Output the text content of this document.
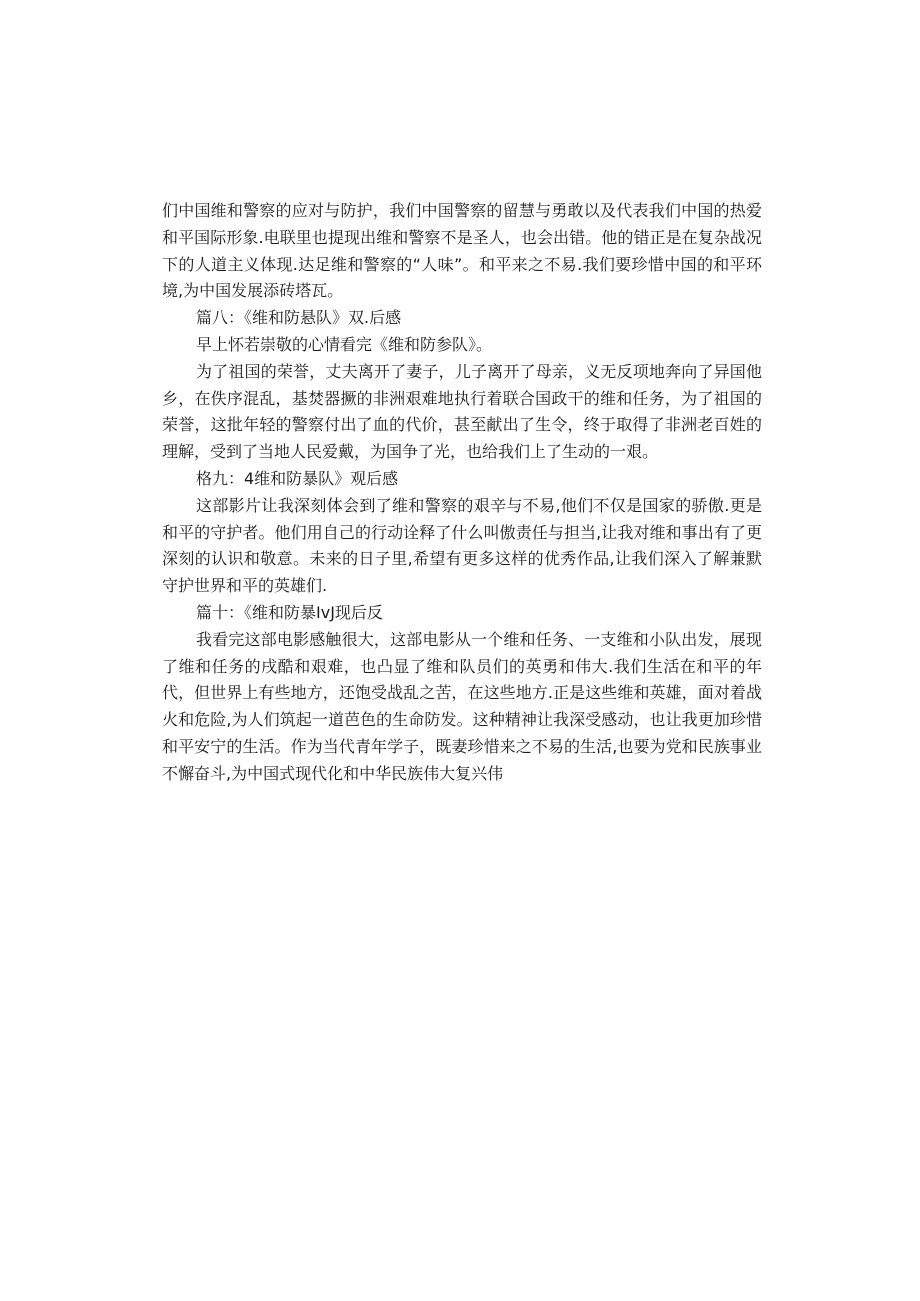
们中国维和警察的应对与防护，我们中国警察的留慧与勇敢以及代表我们中国的热爱和平国际形象.电联里也提现出维和警察不是圣人，也会出错。他的错正是在复杂战况下的人道主义体现.达足维和警察的“人味”。和平来之不易.我们要珍惜中国的和平环境,为中国发展添砖塔瓦。

篇八：《维和防悬队》双.后感

早上怀若崇敬的心情看完《维和防参队》。

为了祖国的荣誉，丈夫离开了妻子，儿子离开了母亲，义无反项地奔向了异国他乡，在佚序混乱，基焚器撅的非洲艰难地执行着联合国政干的维和任务，为了祖国的荣誉，这批年轻的警察付出了血的代价，甚至献出了生令，终于取得了非洲老百姓的理解，受到了当地人民爱戴，为国争了光，也给我们上了生动的一艰。

格九：4维和防暴队》观后感

这部影片让我深刻体会到了维和警察的艰辛与不易,他们不仅是国家的骄傲.更是和平的守护者。他们用自己的行动诠释了什么叫傲责任与担当,让我对维和事出有了更深刻的认识和敬意。未来的日子里,希望有更多这样的优秀作品,让我们深入了解兼默守护世界和平的英雄们.

篇十：《维和防暴IvJ现后反

我看完这部电影感触很大，这部电影从一个维和任务、一支维和小队出发，展现了维和任务的戌酷和艰难，也凸显了维和队员们的英勇和伟大.我们生活在和平的年代，但世界上有些地方，还饱受战乱之苦，在这些地方.正是这些维和英雄，面对着战火和危险,为人们筑起一道芭色的生命防发。这种精神让我深受感动，也让我更加珍惜和平安宁的生活。作为当代青年学子，既妻珍惜来之不易的生活,也要为党和民族事业不懈奋斗,为中国式现代化和中华民族伟大复兴伟
